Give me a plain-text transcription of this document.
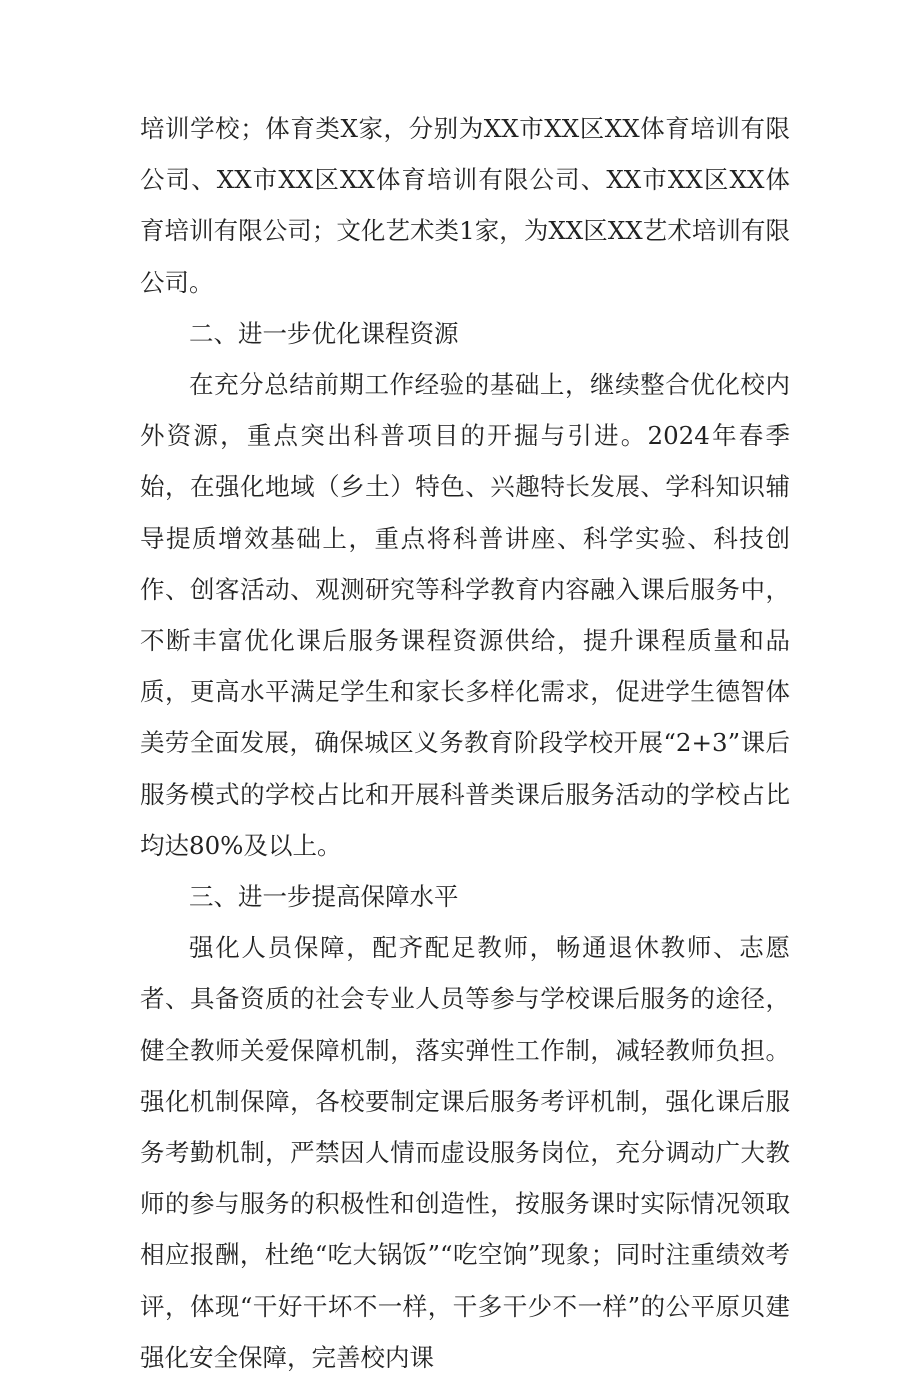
培训学校；体育类X家，分别为XX市XX区XX体育培训有限公司、XX市XX区XX体育培训有限公司、XX市XX区XX体育培训有限公司；文化艺术类1家，为XX区XX艺术培训有限公司。

二、进一步优化课程资源

在充分总结前期工作经验的基础上，继续整合优化校内外资源，重点突出科普项目的开掘与引进。2024年春季始，在强化地域（乡土）特色、兴趣特长发展、学科知识辅导提质增效基础上，重点将科普讲座、科学实验、科技创作、创客活动、观测研究等科学教育内容融入课后服务中，不断丰富优化课后服务课程资源供给，提升课程质量和品质，更高水平满足学生和家长多样化需求，促进学生德智体美劳全面发展，确保城区义务教育阶段学校开展“2+3”课后服务模式的学校占比和开展科普类课后服务活动的学校占比均达80%及以上。

三、进一步提高保障水平

强化人员保障，配齐配足教师，畅通退休教师、志愿者、具备资质的社会专业人员等参与学校课后服务的途径，健全教师关爱保障机制，落实弹性工作制，减轻教师负担。强化机制保障，各校要制定课后服务考评机制，强化课后服务考勤机制，严禁因人情而虚设服务岗位，充分调动广大教师的参与服务的积极性和创造性，按服务课时实际情况领取相应报酬，杜绝“吃大锅饭”“吃空饷”现象；同时注重绩效考评，体现“干好干坏不一样，干多干少不一样”的公平原贝建强化安全保障，完善校内课
